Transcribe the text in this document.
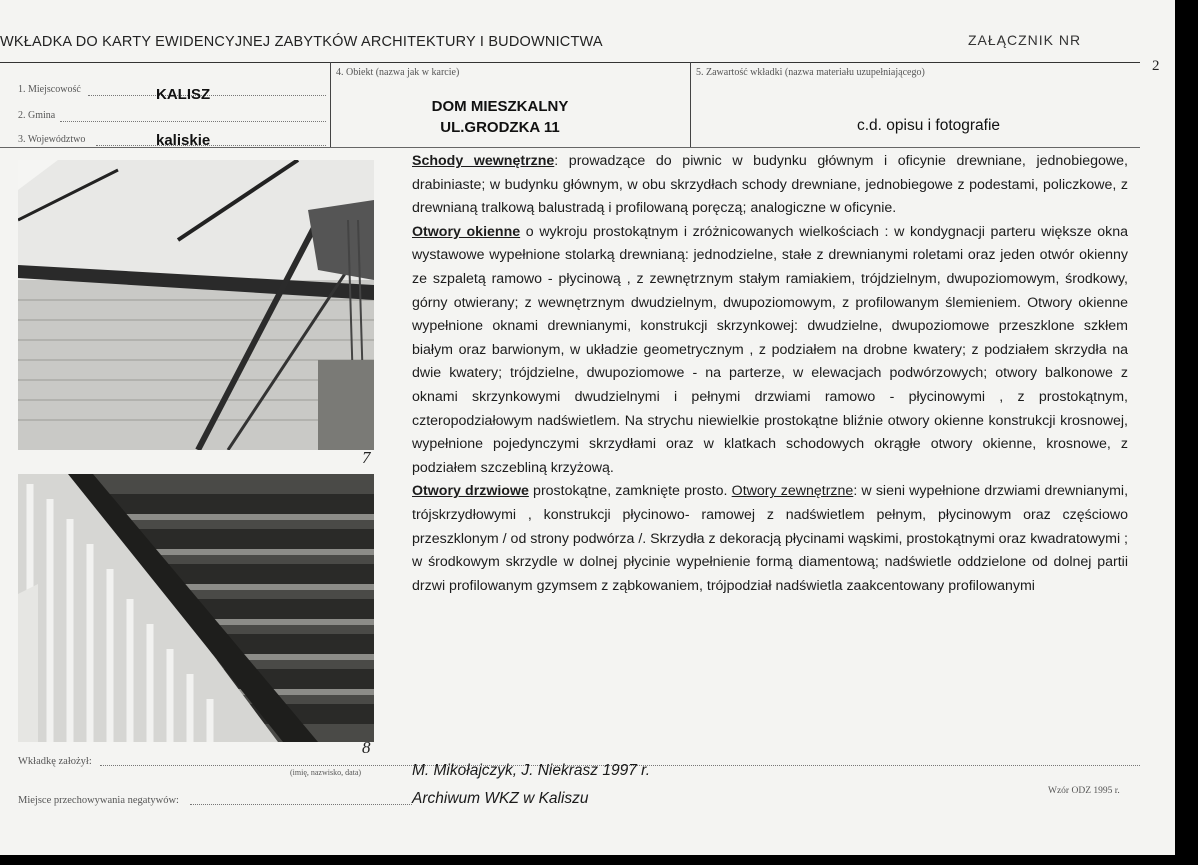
WKŁADKA DO KARTY EWIDENCYJNEJ ZABYTKÓW ARCHITEKTURY I BUDOWNICTWA	ZAŁĄCZNIK NR
1. Miejscowość	KALISZ
2. Gmina
3. Województwo	kaliskie
4. Obiekt (nazwa jak w karcie)
DOM MIESZKALNY
UL.GRODZKA 11
5. Zawartość wkładki (nazwa materiału uzupełniającego)
c.d. opisu i fotografie
7
8

Schody wewnętrzne: prowadzące do piwnic w budynku głównym i oficynie drewniane, jednobiegowe, drabiniaste; w budynku głównym, w obu skrzydłach schody drewniane, jednobiegowe z podestami, policzkowe, z drewnianą tralkową balustradą i profilowaną poręczą; analogiczne w oficynie.

Otwory okienne o wykroju prostokątnym i zróżnicowanych wielkościach : w kondygnacji parteru większe okna wystawowe wypełnione stolarką drewnianą: jednodzielne, stałe z drewnianymi roletami oraz jeden otwór okienny ze szpaletą ramowo - płycinową , z zewnętrznym stałym ramiakiem, trójdzielnym, dwupoziomowym, środkowy, górny otwierany; z wewnętrznym dwudzielnym, dwupoziomowym, z profilowanym ślemieniem. Otwory okienne wypełnione oknami drewnianymi, konstrukcji skrzynkowej: dwudzielne, dwupoziomowe przeszklone szkłem białym oraz barwionym, w układzie geometrycznym , z podziałem na drobne kwatery; z podziałem skrzydła na dwie kwatery; trójdzielne, dwupoziomowe - na parterze, w elewacjach podwórzowych; otwory balkonowe z oknami skrzynkowymi dwudzielnymi i pełnymi drzwiami ramowo - płycinowymi , z prostokątnym, czteropodziałowym nadświetlem. Na strychu niewielkie prostokątne bliźnie otwory okienne konstrukcji krosnowej, wypełnione pojedynczymi skrzydłami oraz w klatkach schodowych okrągłe otwory okienne, krosnowe, z podziałem szczebliną krzyżową.

Otwory drzwiowe prostokątne, zamknięte prosto. Otwory zewnętrzne: w sieni wypełnione drzwiami drewnianymi, trójskrzydłowymi , konstrukcji płycinowo- ramowej z nadświetlem pełnym, płycinowym oraz częściowo przeszklonym / od strony podwórza /. Skrzydła z dekoracją płycinami wąskimi, prostokątnymi oraz kwadratowymi ; w środkowym skrzydle w dolnej płycinie wypełnienie formą diamentową; nadświetle oddzielone od dolnej partii drzwi profilowanym gzymsem z ząbkowaniem, trójpodział nadświetla zaakcentowany profilowanymi

Wkładkę założył:
(imię, nazwisko, data)	M. Mikołajczyk, J. Niekrasz 1997 r.
Miejsce przechowywania negatywów:	Archiwum WKZ w Kaliszu	Wzór ODZ 1995 r.
2
